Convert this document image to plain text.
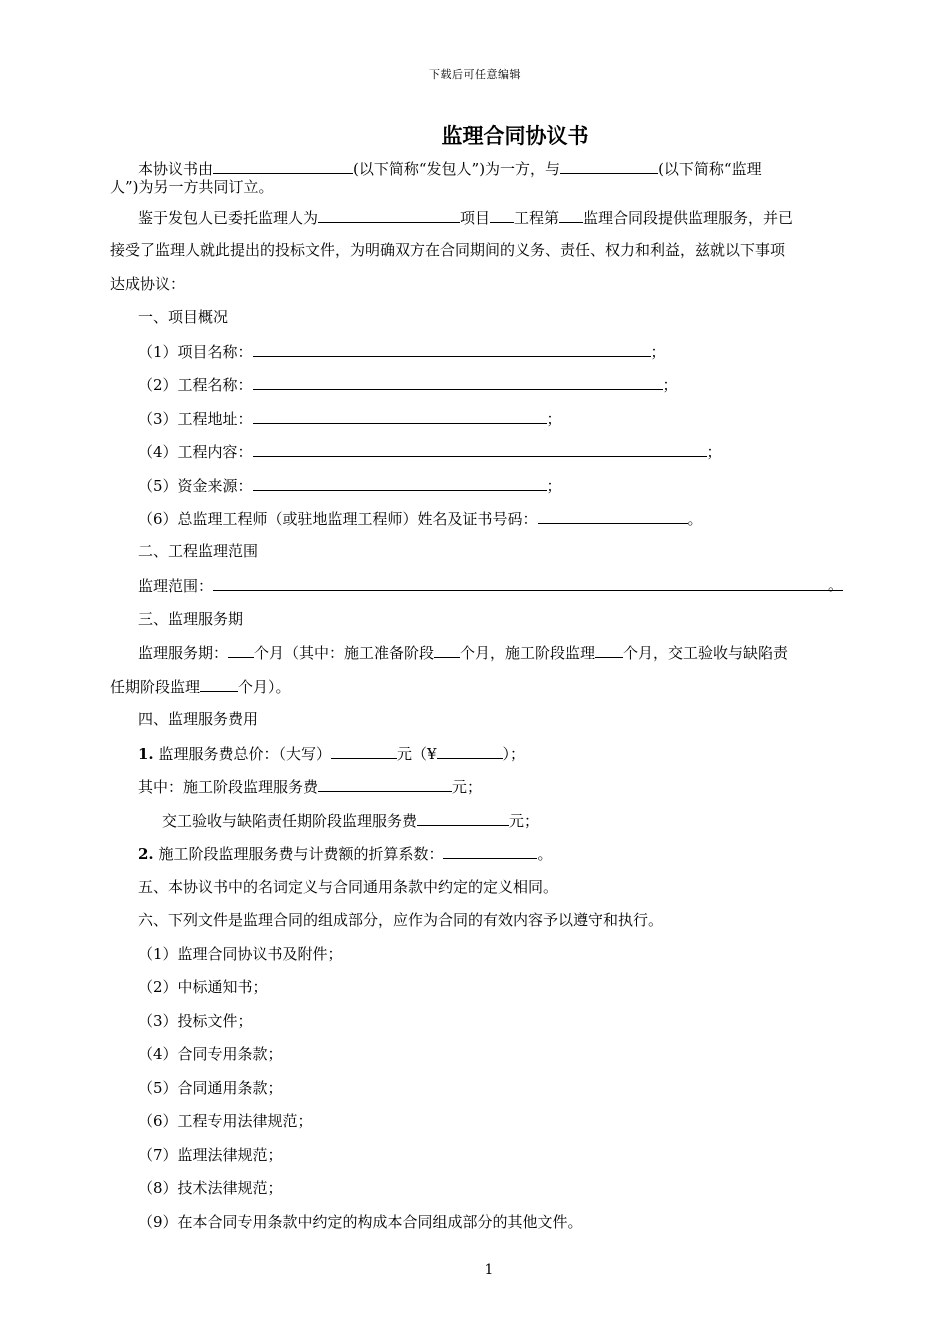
下载后可任意编辑
监理合同协议书
本协议书由	(以下简称“发包人”)为一方，与	(以下简称“监理
人”)为另一方共同订立。
鉴于发包人已委托监理人为	项目 工程第 监理合同段提供监理服务，并已
接受了监理人就此提出的投标文件，为明确双方在合同期间的义务、责任、权力和利益，兹就以下事项
达成协议：
一、项目概况
（1）项目名称：	；
（2）工程名称：	；
（3）工程地址：	；
（4）工程内容：	；
（5）资金来源：	；
（6）总监理工程师（或驻地监理工程师）姓名及证书号码：	。
二、工程监理范围
监理范围：	。
三、监理服务期
监理服务期： 个月（其中：施工准备阶段 个月，施工阶段监理 个月，交工验收与缺陷责
任期阶段监理	个月）。
四、监理服务费用
1. 监理服务费总价：（大写）	元（¥	）；
其中：施工阶段监理服务费	元；
交工验收与缺陷责任期阶段监理服务费	元；
2. 施工阶段监理服务费与计费额的折算系数：	。
五、本协议书中的名词定义与合同通用条款中约定的定义相同。
六、下列文件是监理合同的组成部分，应作为合同的有效内容予以遵守和执行。
（1）监理合同协议书及附件；
（2）中标通知书；
（3）投标文件；
（4）合同专用条款；
（5）合同通用条款；
（6）工程专用法律规范；
（7）监理法律规范；
（8）技术法律规范；
（9）在本合同专用条款中约定的构成本合同组成部分的其他文件。
1
